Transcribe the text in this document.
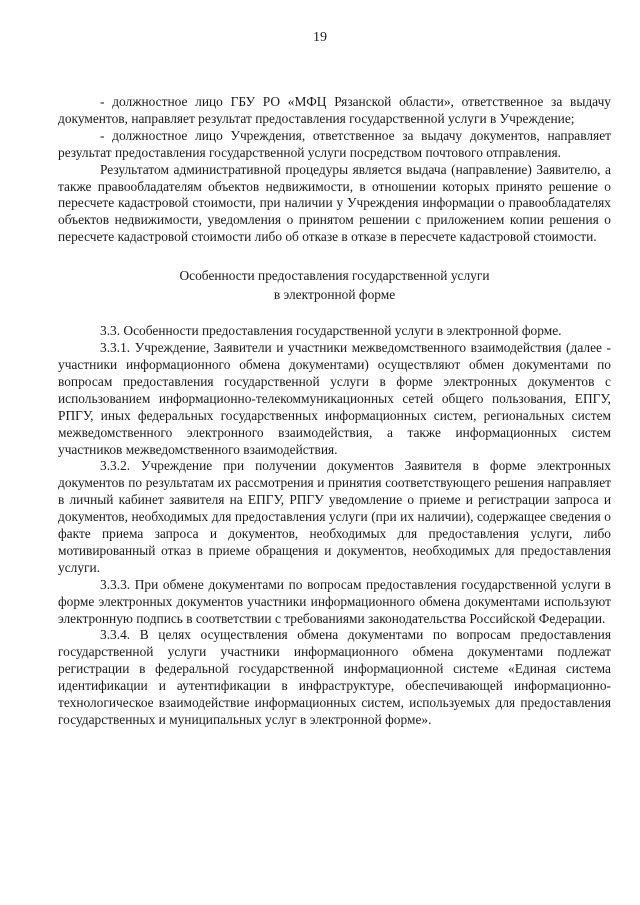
19

- должностное лицо ГБУ РО «МФЦ Рязанской области», ответственное за выдачу документов, направляет результат предоставления государственной услуги в Учреждение;

- должностное лицо Учреждения, ответственное за выдачу документов, направляет результат предоставления государственной услуги посредством почтового отправления.

Результатом административной процедуры является выдача (направление) Заявителю, а также правообладателям объектов недвижимости, в отношении которых принято решение о пересчете кадастровой стоимости, при наличии у Учреждения информации о правообладателях объектов недвижимости, уведомления о принятом решении с приложением копии решения о пересчете кадастровой стоимости либо об отказе в отказе в пересчете кадастровой стоимости.

Особенности предоставления государственной услуги
в электронной форме

3.3. Особенности предоставления государственной услуги в электронной форме.

3.3.1. Учреждение, Заявители и участники межведомственного взаимодействия (далее - участники информационного обмена документами) осуществляют обмен документами по вопросам предоставления государственной услуги в форме электронных документов с использованием информационно-телекоммуникационных сетей общего пользования, ЕПГУ, РПГУ, иных федеральных государственных информационных систем, региональных систем межведомственного электронного взаимодействия, а также информационных систем участников межведомственного взаимодействия.

3.3.2. Учреждение при получении документов Заявителя в форме электронных документов по результатам их рассмотрения и принятия соответствующего решения направляет в личный кабинет заявителя на ЕПГУ, РПГУ уведомление о приеме и регистрации запроса и документов, необходимых для предоставления услуги (при их наличии), содержащее сведения о факте приема запроса и документов, необходимых для предоставления услуги, либо мотивированный отказ в приеме обращения и документов, необходимых для предоставления услуги.

3.3.3. При обмене документами по вопросам предоставления государственной услуги в форме электронных документов участники информационного обмена документами используют электронную подпись в соответствии с требованиями законодательства Российской Федерации.

3.3.4. В целях осуществления обмена документами по вопросам предоставления государственной услуги участники информационного обмена документами подлежат регистрации в федеральной государственной информационной системе «Единая система идентификации и аутентификации в инфраструктуре, обеспечивающей информационно-технологическое взаимодействие информационных систем, используемых для предоставления государственных и муниципальных услуг в электронной форме».
